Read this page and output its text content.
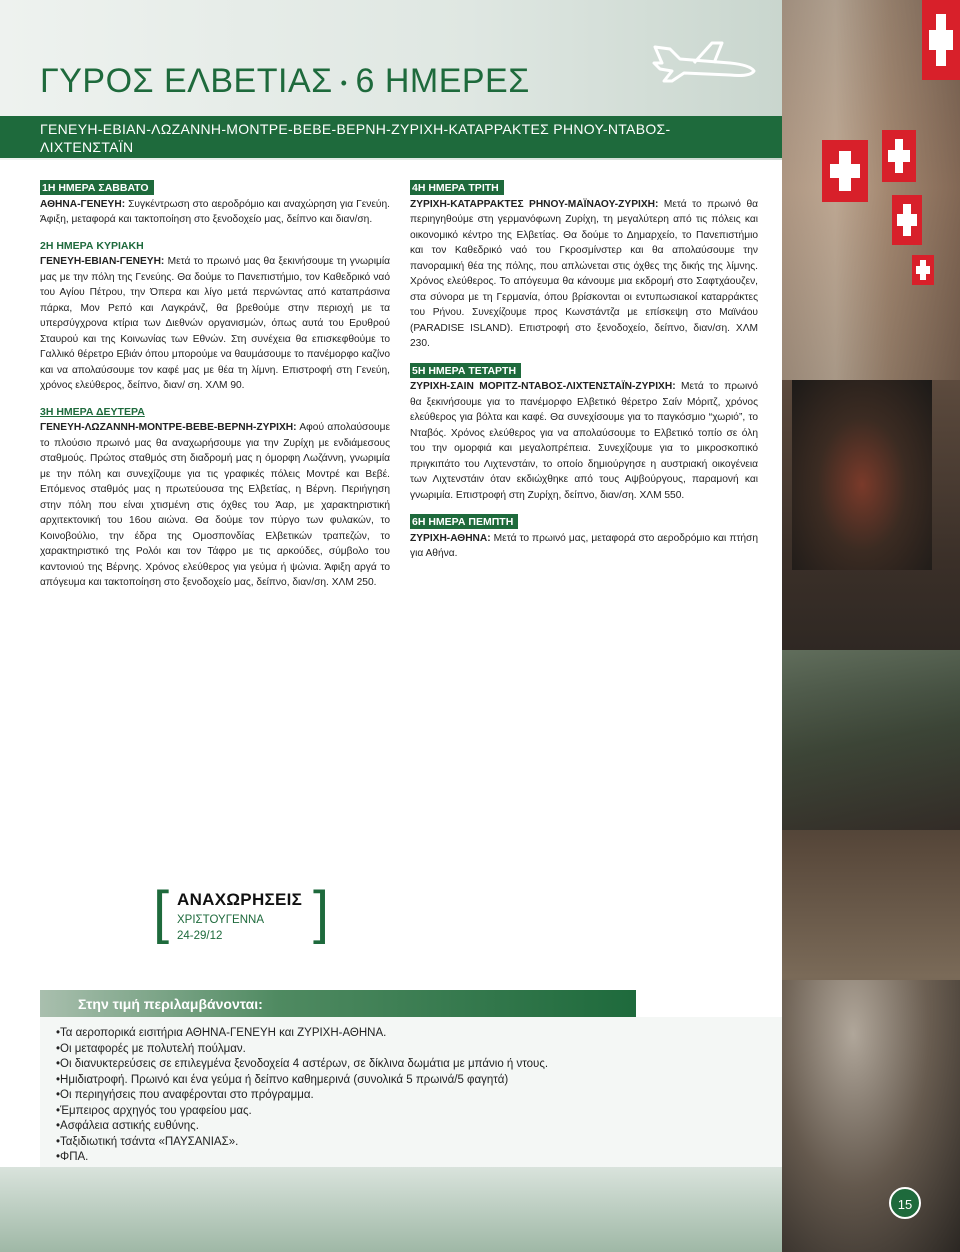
ΓΥΡΟΣ ΕΛΒΕΤΙΑΣ • 6 ΗΜΕΡΕΣ
ΓΕΝΕΥΗ-ΕΒΙΑΝ-ΛΩΖΑΝΝΗ-ΜΟΝΤΡΕ-ΒΕΒΕ-ΒΕΡΝΗ-ΖΥΡΙΧΗ-ΚΑΤΑΡΡΑΚΤΕΣ ΡΗΝΟΥ-ΝΤΑΒΟΣ-ΛΙΧΤΕΝΣΤΑΪΝ
1Η ΗΜΕΡΑ ΣΑΒΒΑΤΟ
ΑΘΗΝΑ-ΓΕΝΕΥΗ: Συγκέντρωση στο αεροδρόμιο και αναχώρηση για Γενεύη. Άφιξη, μεταφορά και τακτοποίηση στο ξενοδοχείο μας, δείπνο και διαν/ση.
2Η ΗΜΕΡΑ ΚΥΡΙΑΚΗ
ΓΕΝΕΥΗ-ΕΒΙΑΝ-ΓΕΝΕΥΗ: Μετά το πρωινό μας θα ξεκινήσουμε τη γνωριμία μας με την πόλη της Γενεύης. Θα δούμε το Πανεπιστήμιο, τον Καθεδρικό ναό του Αγίου Πέτρου, την Όπερα και λίγο μετά περνώντας από καταπράσινα πάρκα, Μον Ρεπό και Λαγκράνζ, θα βρεθούμε στην περιοχή με τα υπερσύγχρονα κτίρια των Διεθνών οργανισμών, όπως αυτά του Ερυθρού Σταυρού και της Κοινωνίας των Εθνών. Στη συνέχεια θα επισκεφθούμε το Γαλλικό θέρετρο Εβιάν όπου μπορούμε να θαυμάσουμε το πανέμορφο καζίνο και να απολαύσουμε τον καφέ μας με θέα τη λίμνη. Επιστροφή στη Γενεύη, χρόνος ελεύθερος, δείπνο, διαν/ ση. ΧΛΜ 90.
3Η ΗΜΕΡΑ ΔΕΥΤΕΡΑ
ΓΕΝΕΥΗ-ΛΩΖΑΝΝΗ-ΜΟΝΤΡΕ-ΒΕΒΕ-ΒΕΡΝΗ-ΖΥΡΙΧΗ: Αφού απολαύσουμε το πλούσιο πρωινό μας θα αναχωρήσουμε για την Ζυρίχη με ενδιάμεσους σταθμούς. Πρώτος σταθμός στη διαδρομή μας η όμορφη Λωζάννη, γνωριμία με την πόλη και συνεχίζουμε για τις γραφικές πόλεις Μοντρέ και Βεβέ. Επόμενος σταθμός μας η πρωτεύουσα της Ελβετίας, η Βέρνη. Περιήγηση στην πόλη που είναι χτισμένη στις όχθες του Άαρ, με χαρακτηριστική αρχιτεκτονική του 16ου αιώνα. Θα δούμε τον πύργο των φυλακών, το Κοινοβούλιο, την έδρα της Ομοσπονδίας Ελβετικών τραπεζών, το χαρακτηριστικό της Ρολόι και τον Τάφρο με τις αρκούδες, σύμβολο του καντονιού της Βέρνης. Χρόνος ελεύθερος για γεύμα ή ψώνια. Άφιξη αργά το απόγευμα και τακτοποίηση στο ξενοδοχείο μας, δείπνο, διαν/ση. ΧΛΜ 250.
4Η ΗΜΕΡΑ ΤΡΙΤΗ
ΖΥΡΙΧΗ-ΚΑΤΑΡΡΑΚΤΕΣ ΡΗΝΟΥ-ΜΑΪΝΑΟΥ-ΖΥΡΙΧΗ: Μετά το πρωινό θα περιηγηθούμε στη γερμανόφωνη Ζυρίχη, τη μεγαλύτερη από τις πόλεις και οικονομικό κέντρο της Ελβετίας. Θα δούμε το Δημαρχείο, το Πανεπιστήμιο και τον Καθεδρικό ναό του Γκροσμίνστερ και θα απολαύσουμε την πανοραμική θέα της πόλης, που απλώνεται στις όχθες της δικής της λίμνης. Χρόνος ελεύθερος. Το απόγευμα θα κάνουμε μια εκδρομή στο Σαφτχάουζεν, στα σύνορα με τη Γερμανία, όπου βρίσκονται οι εντυπωσιακοί καταρράκτες του Ρήνου. Συνεχίζουμε προς Κωνστάντζα με επίσκεψη στο Μαϊνάου (PARADISE ISLAND). Επιστροφή στο ξενοδοχείο, δείπνο, διαν/ση. ΧΛΜ 230.
5Η ΗΜΕΡΑ ΤΕΤΑΡΤΗ
ΖΥΡΙΧΗ-ΣΑΙΝ ΜΟΡΙΤΖ-ΝΤΑΒΟΣ-ΛΙΧΤΕΝΣΤΑΪΝ-ΖΥΡΙΧΗ: Μετά το πρωινό θα ξεκινήσουμε για το πανέμορφο Ελβετικό θέρετρο Σαίν Μόριτζ, χρόνος ελεύθερος για βόλτα και καφέ. Θα συνεχίσουμε για το παγκόσμιο “χωριό”, το Νταβός. Χρόνος ελεύθερος για να απολαύσουμε το Ελβετικό τοπίο σε όλη του την ομορφιά και μεγαλοπρέπεια. Συνεχίζουμε για το μικροσκοπικό πριγκιπάτο του Λιχτενστάιν, το οποίο δημιούργησε η αυστριακή οικογένεια των Λιχτενστάιν όταν εκδιώχθηκε από τους Αψβούργους, παραμονή και γνωριμία. Επιστροφή στη Ζυρίχη, δείπνο, διαν/ση. ΧΛΜ 550.
6Η ΗΜΕΡΑ ΠΕΜΠΤΗ
ΖΥΡΙΧΗ-ΑΘΗΝΑ: Μετά το πρωινό μας, μεταφορά στο αεροδρόμιο και πτήση για Αθήνα.
[ ΑΝΑΧΩΡΗΣΕΙΣ
ΧΡΙΣΤΟΥΓΕΝΝΑ
24-29/12 ]
Στην τιμή περιλαμβάνονται:
• Τα αεροπορικά εισιτήρια ΑΘΗΝΑ-ΓΕΝΕΥΗ και ΖΥΡΙΧΗ-ΑΘΗΝΑ.
• Οι μεταφορές με πολυτελή πούλμαν.
• Οι διανυκτερεύσεις σε επιλεγμένα ξενοδοχεία 4 αστέρων, σε δίκλινα δωμάτια με μπάνιο ή ντους.
• Ημιδιατροφή. Πρωινό και ένα γεύμα ή δείπνο καθημερινά (συνολικά 5 πρωινά/5 φαγητά)
• Οι περιηγήσεις που αναφέρονται στο πρόγραμμα.
• Έμπειρος αρχηγός του γραφείου μας.
• Ασφάλεια αστικής ευθύνης.
• Ταξιδιωτική τσάντα «ΠΑΥΣΑΝΙΑΣ».
• ΦΠΑ.
15
